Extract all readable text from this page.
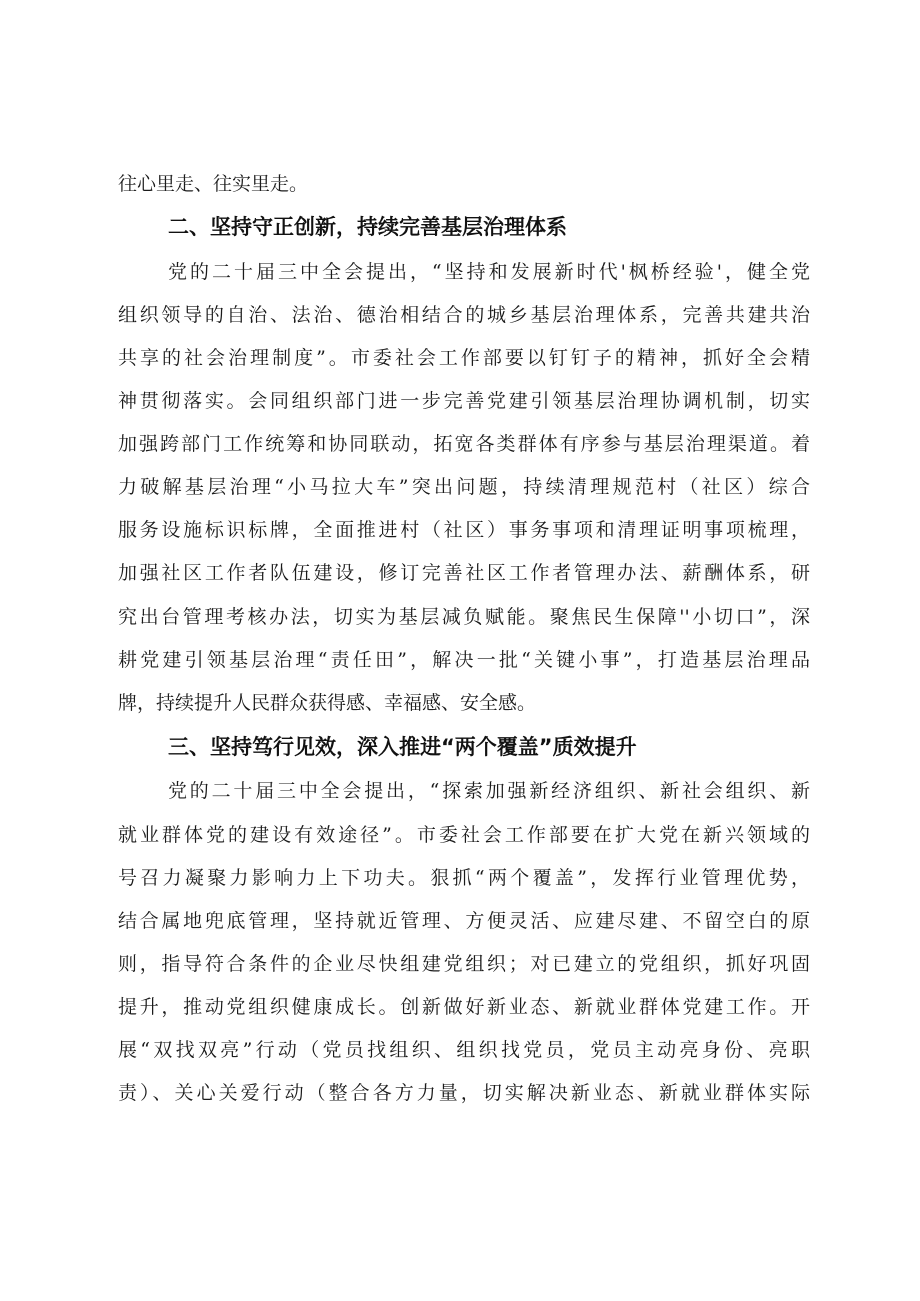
往心里走、往实里走。

二、坚持守正创新，持续完善基层治理体系

党的二十届三中全会提出，“坚持和发展新时代'枫桥经验'，健全党

组织领导的自治、法治、德治相结合的城乡基层治理体系，完善共建共治

共享的社会治理制度”。市委社会工作部要以钉钉子的精神，抓好全会精

神贯彻落实。会同组织部门进一步完善党建引领基层治理协调机制，切实

加强跨部门工作统筹和协同联动，拓宽各类群体有序参与基层治理渠道。着

力破解基层治理“小马拉大车”突出问题，持续清理规范村（社区）综合

服务设施标识标牌，全面推进村（社区）事务事项和清理证明事项梳理，

加强社区工作者队伍建设，修订完善社区工作者管理办法、薪酬体系，研

究出台管理考核办法，切实为基层减负赋能。聚焦民生保障''小切口”，深

耕党建引领基层治理“责任田”，解决一批“关键小事”，打造基层治理品

牌，持续提升人民群众获得感、幸福感、安全感。

三、坚持笃行见效，深入推进“两个覆盖”质效提升

党的二十届三中全会提出，“探索加强新经济组织、新社会组织、新

就业群体党的建设有效途径”。市委社会工作部要在扩大党在新兴领域的

号召力凝聚力影响力上下功夫。狠抓“两个覆盖”，发挥行业管理优势，

结合属地兜底管理，坚持就近管理、方便灵活、应建尽建、不留空白的原

则，指导符合条件的企业尽快组建党组织；对已建立的党组织，抓好巩固

提升，推动党组织健康成长。创新做好新业态、新就业群体党建工作。开

展“双找双亮”行动（党员找组织、组织找党员，党员主动亮身份、亮职

责）、关心关爱行动（整合各方力量，切实解决新业态、新就业群体实际
